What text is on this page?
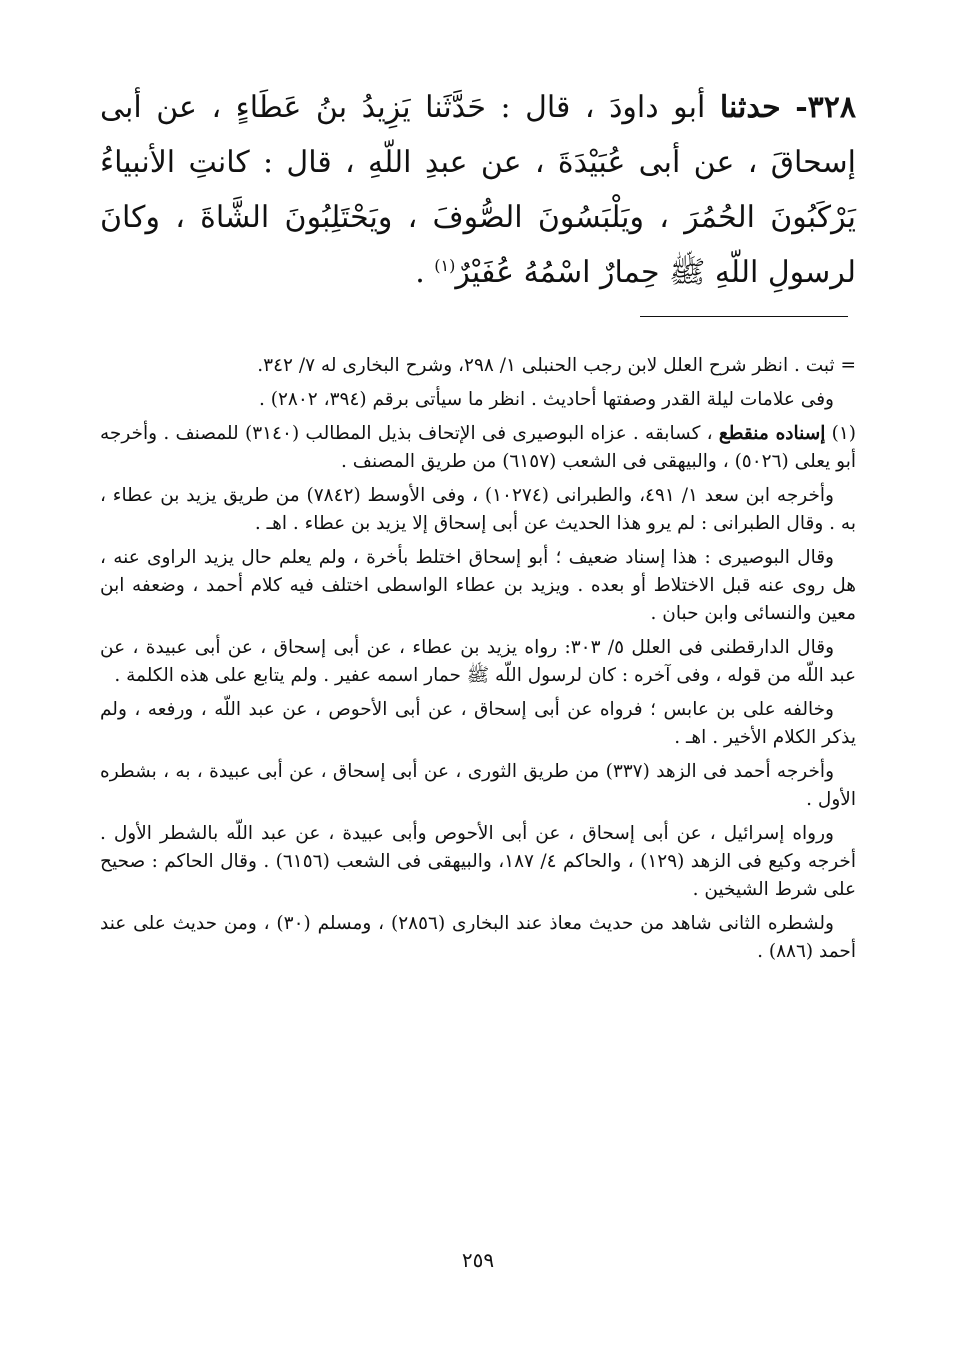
٣٢٨- حدثنا أبو داودَ ، قال : حَدَّثَنا يَزِيدُ بنُ عَطَاءٍ ، عن أبى إسحاقَ ، عن أبى عُبَيْدَةَ ، عن عبدِ اللّهِ ، قال : كانتِ الأنبياءُ يَرْكَبُونَ الحُمُرَ ، ويَلْبَسُونَ الصُّوفَ ، ويَحْتَلِبُونَ الشَّاةَ ، وكانَ لرسولِ اللّهِ ﷺ حِمارٌ اسْمُهُ عُفَيْرٌ$^{(١)}$ .

= ثبت . انظر شرح العلل لابن رجب الحنبلى ١/ ٢٩٨، وشرح البخارى له ٧/ ٣٤٢.

وفى علامات ليلة القدر وصفتها أحاديث . انظر ما سيأتى برقم (٣٩٤، ٢٨٠٢) .

(١) إسناده منقطع ، كسابقه . عزاه البوصيرى فى الإتحاف بذيل المطالب (٣١٤٠) للمصنف . وأخرجه أبو يعلى (٥٠٢٦) ، والبيهقى فى الشعب (٦١٥٧) من طريق المصنف .

وأخرجه ابن سعد ١/ ٤٩١، والطبرانى (١٠٢٧٤) ، وفى الأوسط (٧٨٤٢) من طريق يزيد بن عطاء ، به . وقال الطبرانى : لم يرو هذا الحديث عن أبى إسحاق إلا يزيد بن عطاء . اهـ .

وقال البوصيرى : هذا إسناد ضعيف ؛ أبو إسحاق اختلط بأخرة ، ولم يعلم حال يزيد الراوى عنه ، هل روى عنه قبل الاختلاط أو بعده . ويزيد بن عطاء الواسطى اختلف فيه كلام أحمد ، وضعفه ابن معين والنسائى وابن حبان .

وقال الدارقطنى فى العلل ٥/ ٣٠٣: رواه يزيد بن عطاء ، عن أبى إسحاق ، عن أبى عبيدة ، عن عبد اللّه من قوله ، وفى آخره : كان لرسول اللّه ﷺ حمار اسمه عفير . ولم يتابع على هذه الكلمة .

وخالفه على بن عابس ؛ فرواه عن أبى إسحاق ، عن أبى الأحوص ، عن عبد اللّه ، ورفعه ، ولم يذكر الكلام الأخير . اهـ .

وأخرجه أحمد فى الزهد (٣٣٧) من طريق الثورى ، عن أبى إسحاق ، عن أبى عبيدة ، به ، بشطره الأول .

ورواه إسرائيل ، عن أبى إسحاق ، عن أبى الأحوص وأبى عبيدة ، عن عبد اللّه بالشطر الأول . أخرجه وكيع فى الزهد (١٢٩) ، والحاكم ٤/ ١٨٧، والبيهقى فى الشعب (٦١٥٦) . وقال الحاكم : صحيح على شرط الشيخين .

ولشطره الثانى شاهد من حديث معاذ عند البخارى (٢٨٥٦) ، ومسلم (٣٠) ، ومن حديث على عند أحمد (٨٨٦) .

٢٥٩
